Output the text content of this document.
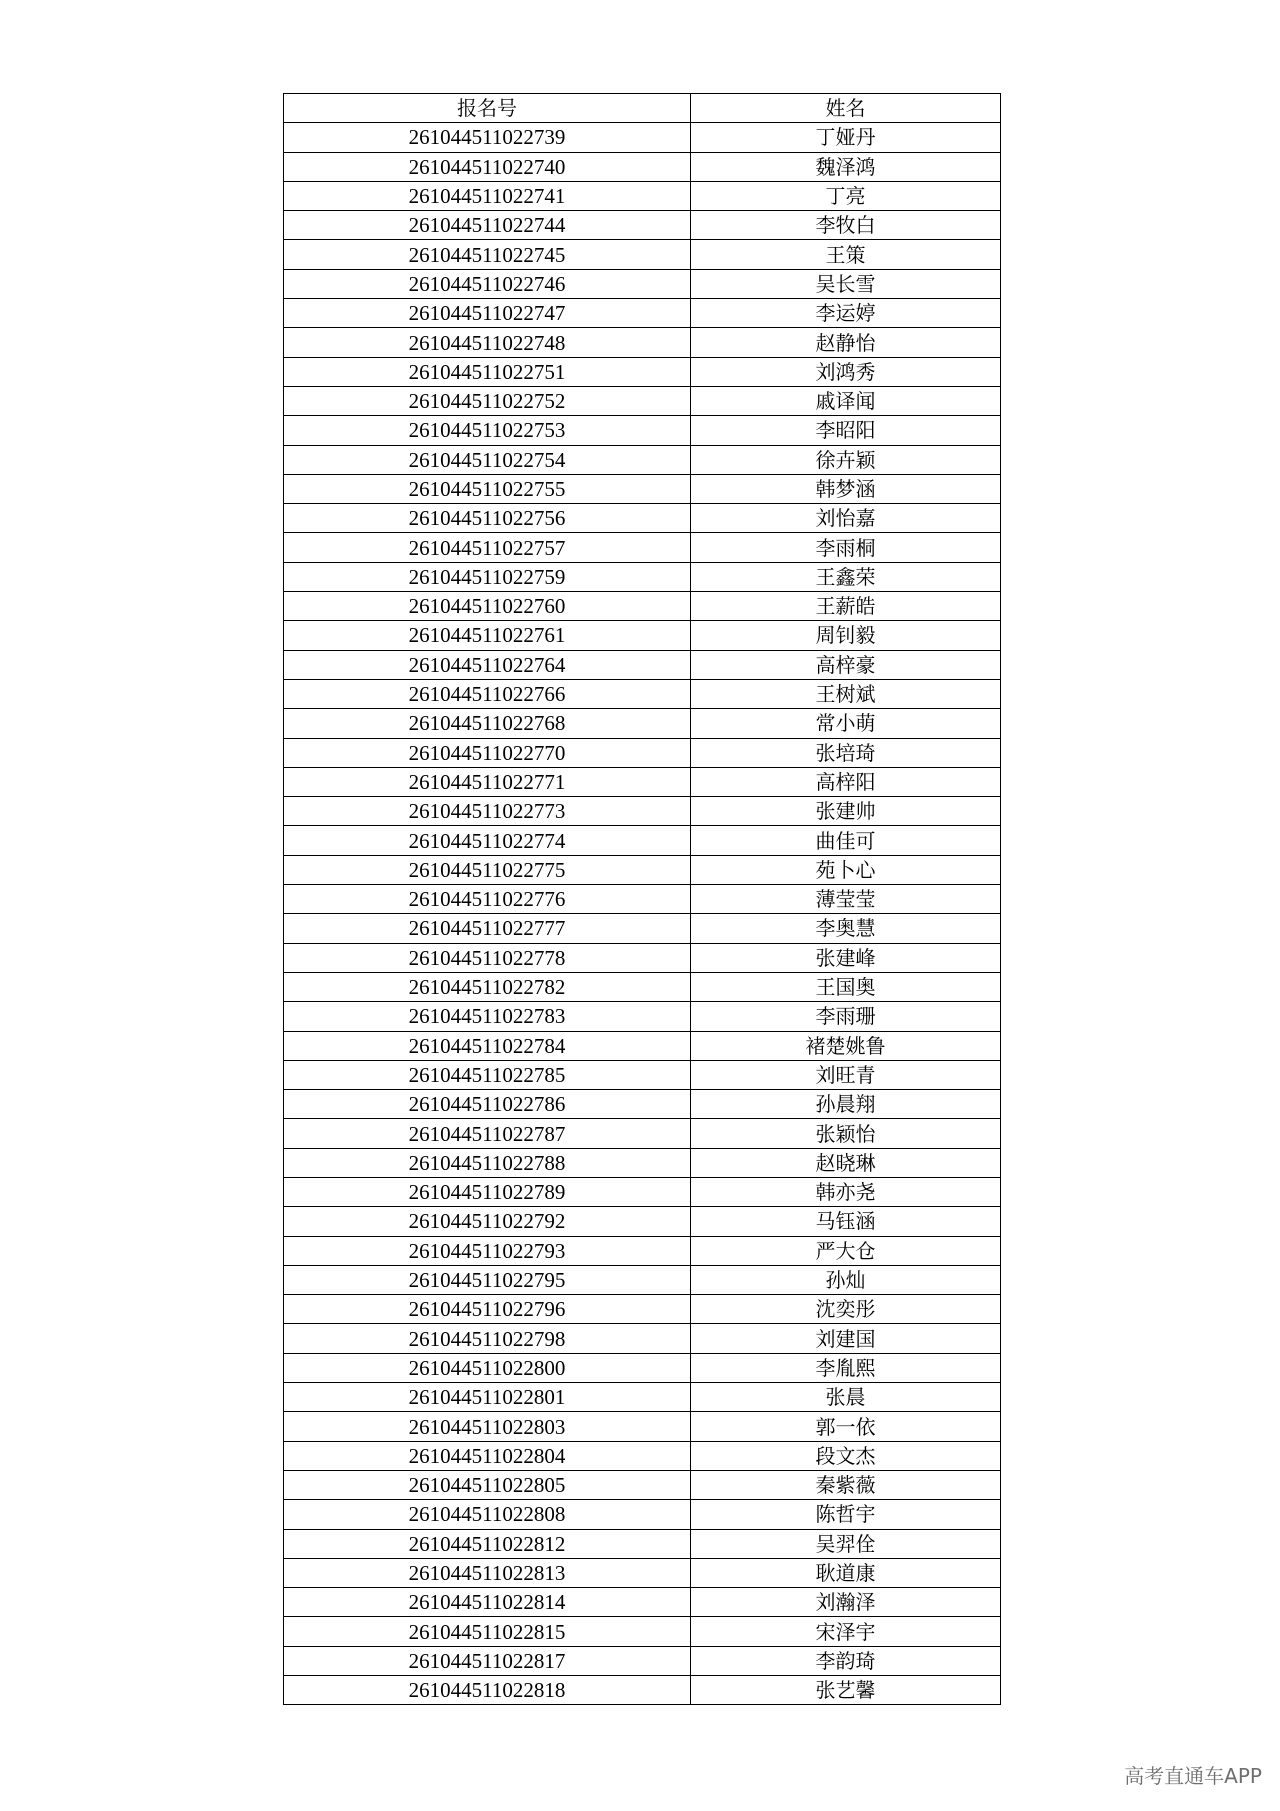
报名号	姓名
261044511022739	丁娅丹
261044511022740	魏泽鸿
261044511022741	丁亮
261044511022744	李牧白
261044511022745	王策
261044511022746	吴长雪
261044511022747	李运婷
261044511022748	赵静怡
261044511022751	刘鸿秀
261044511022752	戚译闻
261044511022753	李昭阳
261044511022754	徐卉颖
261044511022755	韩梦涵
261044511022756	刘怡嘉
261044511022757	李雨桐
261044511022759	王鑫荣
261044511022760	王薪皓
261044511022761	周钊毅
261044511022764	高梓豪
261044511022766	王树斌
261044511022768	常小萌
261044511022770	张培琦
261044511022771	高梓阳
261044511022773	张建帅
261044511022774	曲佳可
261044511022775	苑卜心
261044511022776	薄莹莹
261044511022777	李奥慧
261044511022778	张建峰
261044511022782	王国奥
261044511022783	李雨珊
261044511022784	褚楚姚鲁
261044511022785	刘旺青
261044511022786	孙晨翔
261044511022787	张颖怡
261044511022788	赵晓琳
261044511022789	韩亦尧
261044511022792	马钰涵
261044511022793	严大仓
261044511022795	孙灿
261044511022796	沈奕彤
261044511022798	刘建国
261044511022800	李胤熙
261044511022801	张晨
261044511022803	郭一依
261044511022804	段文杰
261044511022805	秦紫薇
261044511022808	陈哲宇
261044511022812	吴羿佺
261044511022813	耿道康
261044511022814	刘瀚泽
261044511022815	宋泽宇
261044511022817	李韵琦
261044511022818	张艺馨
高考直通车APP
